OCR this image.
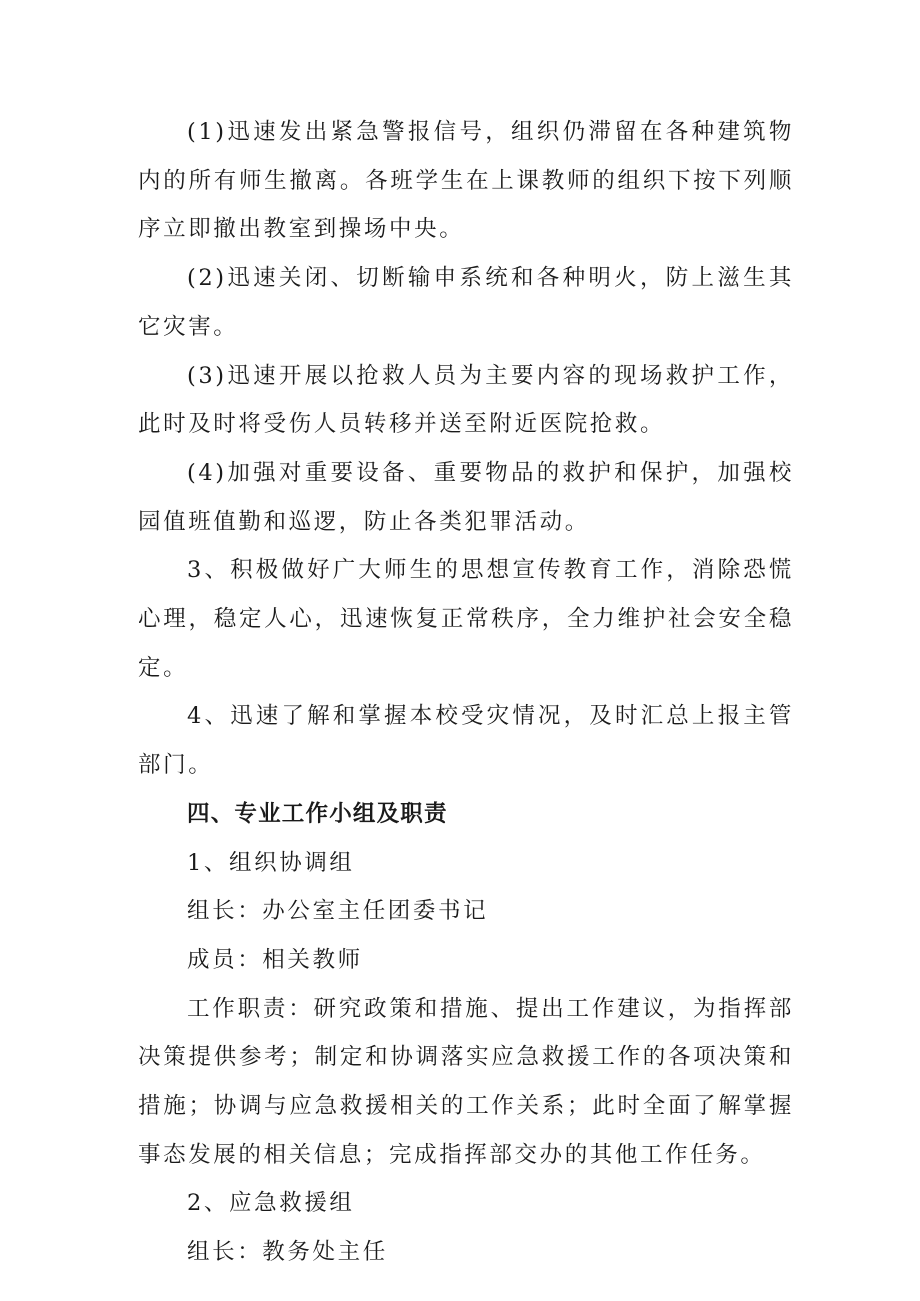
(1)迅速发出紧急警报信号，组织仍滞留在各种建筑物内的所有师生撤离。各班学生在上课教师的组织下按下列顺序立即撤出教室到操场中央。

(2)迅速关闭、切断输申系统和各种明火，防上滋生其它灾害。

(3)迅速开展以抢救人员为主要内容的现场救护工作，此时及时将受伤人员转移并送至附近医院抢救。

(4)加强对重要设备、重要物品的救护和保护，加强校园值班值勤和巡逻，防止各类犯罪活动。

3、积极做好广大师生的思想宣传教育工作，消除恐慌心理，稳定人心，迅速恢复正常秩序，全力维护社会安全稳定。

4、迅速了解和掌握本校受灾情况，及时汇总上报主管部门。

四、专业工作小组及职责

1、组织协调组

组长：办公室主任团委书记

成员：相关教师

工作职责：研究政策和措施、提出工作建议，为指挥部决策提供参考；制定和协调落实应急救援工作的各项决策和措施；协调与应急救援相关的工作关系；此时全面了解掌握事态发展的相关信息；完成指挥部交办的其他工作任务。

2、应急救援组

组长：教务处主任
